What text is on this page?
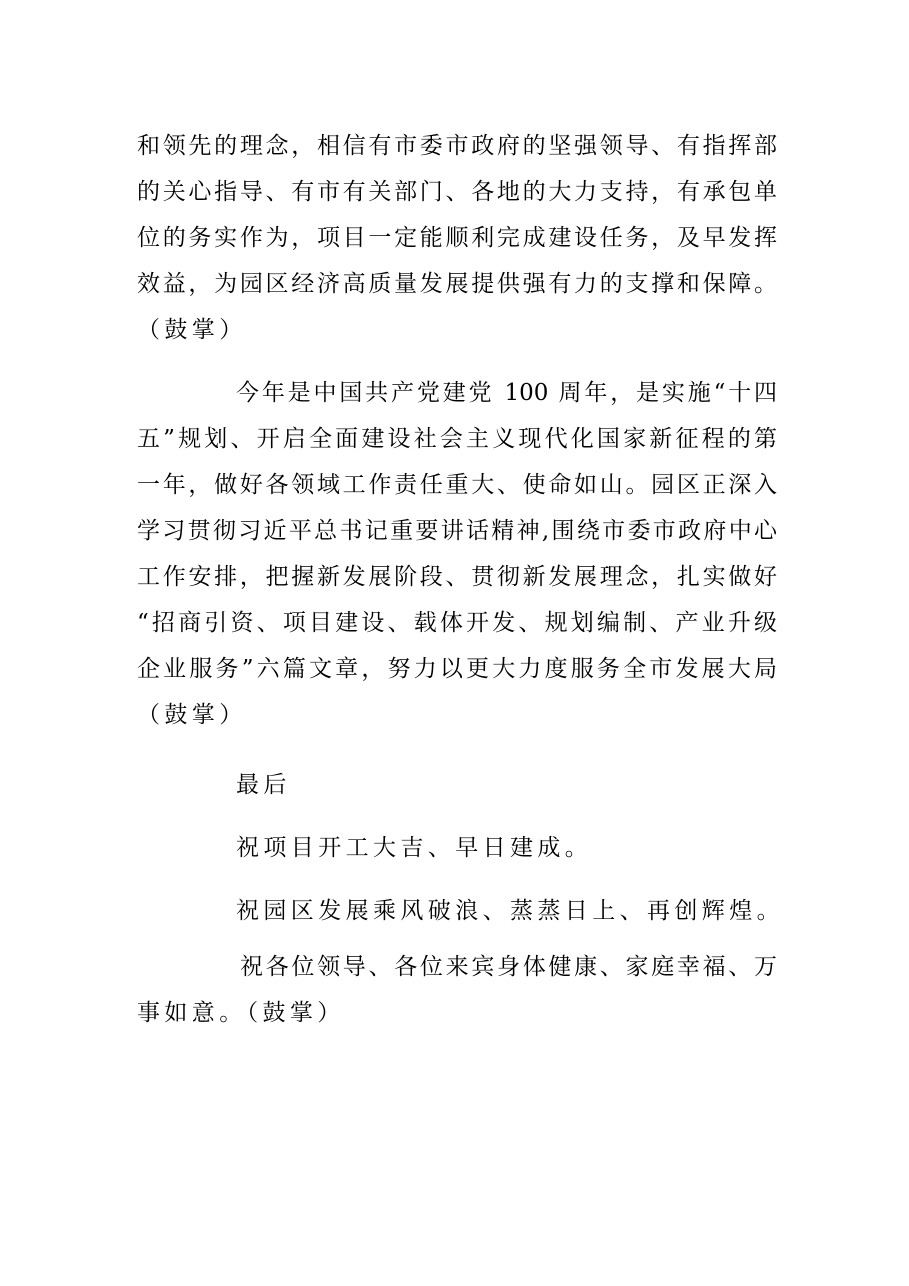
和领先的理念，相信有市委市政府的坚强领导、有指挥部
的关心指导、有市有关部门、各地的大力支持，有承包单
位的务实作为，项目一定能顺利完成建设任务，及早发挥
效益，为园区经济高质量发展提供强有力的支撑和保障。
（鼓掌）
今年是中国共产党建党 100 周年，是实施“十四
五”规划、开启全面建设社会主义现代化国家新征程的第
一年，做好各领域工作责任重大、使命如山。园区正深入
学习贯彻习近平总书记重要讲话精神,围绕市委市政府中心
工作安排，把握新发展阶段、贯彻新发展理念，扎实做好
“招商引资、项目建设、载体开发、规划编制、产业升级
企业服务”六篇文章，努力以更大力度服务全市发展大局
（鼓掌）
最后
祝项目开工大吉、早日建成。
祝园区发展乘风破浪、蒸蒸日上、再创辉煌。
祝各位领导、各位来宾身体健康、家庭幸福、万
事如意。（鼓掌）
